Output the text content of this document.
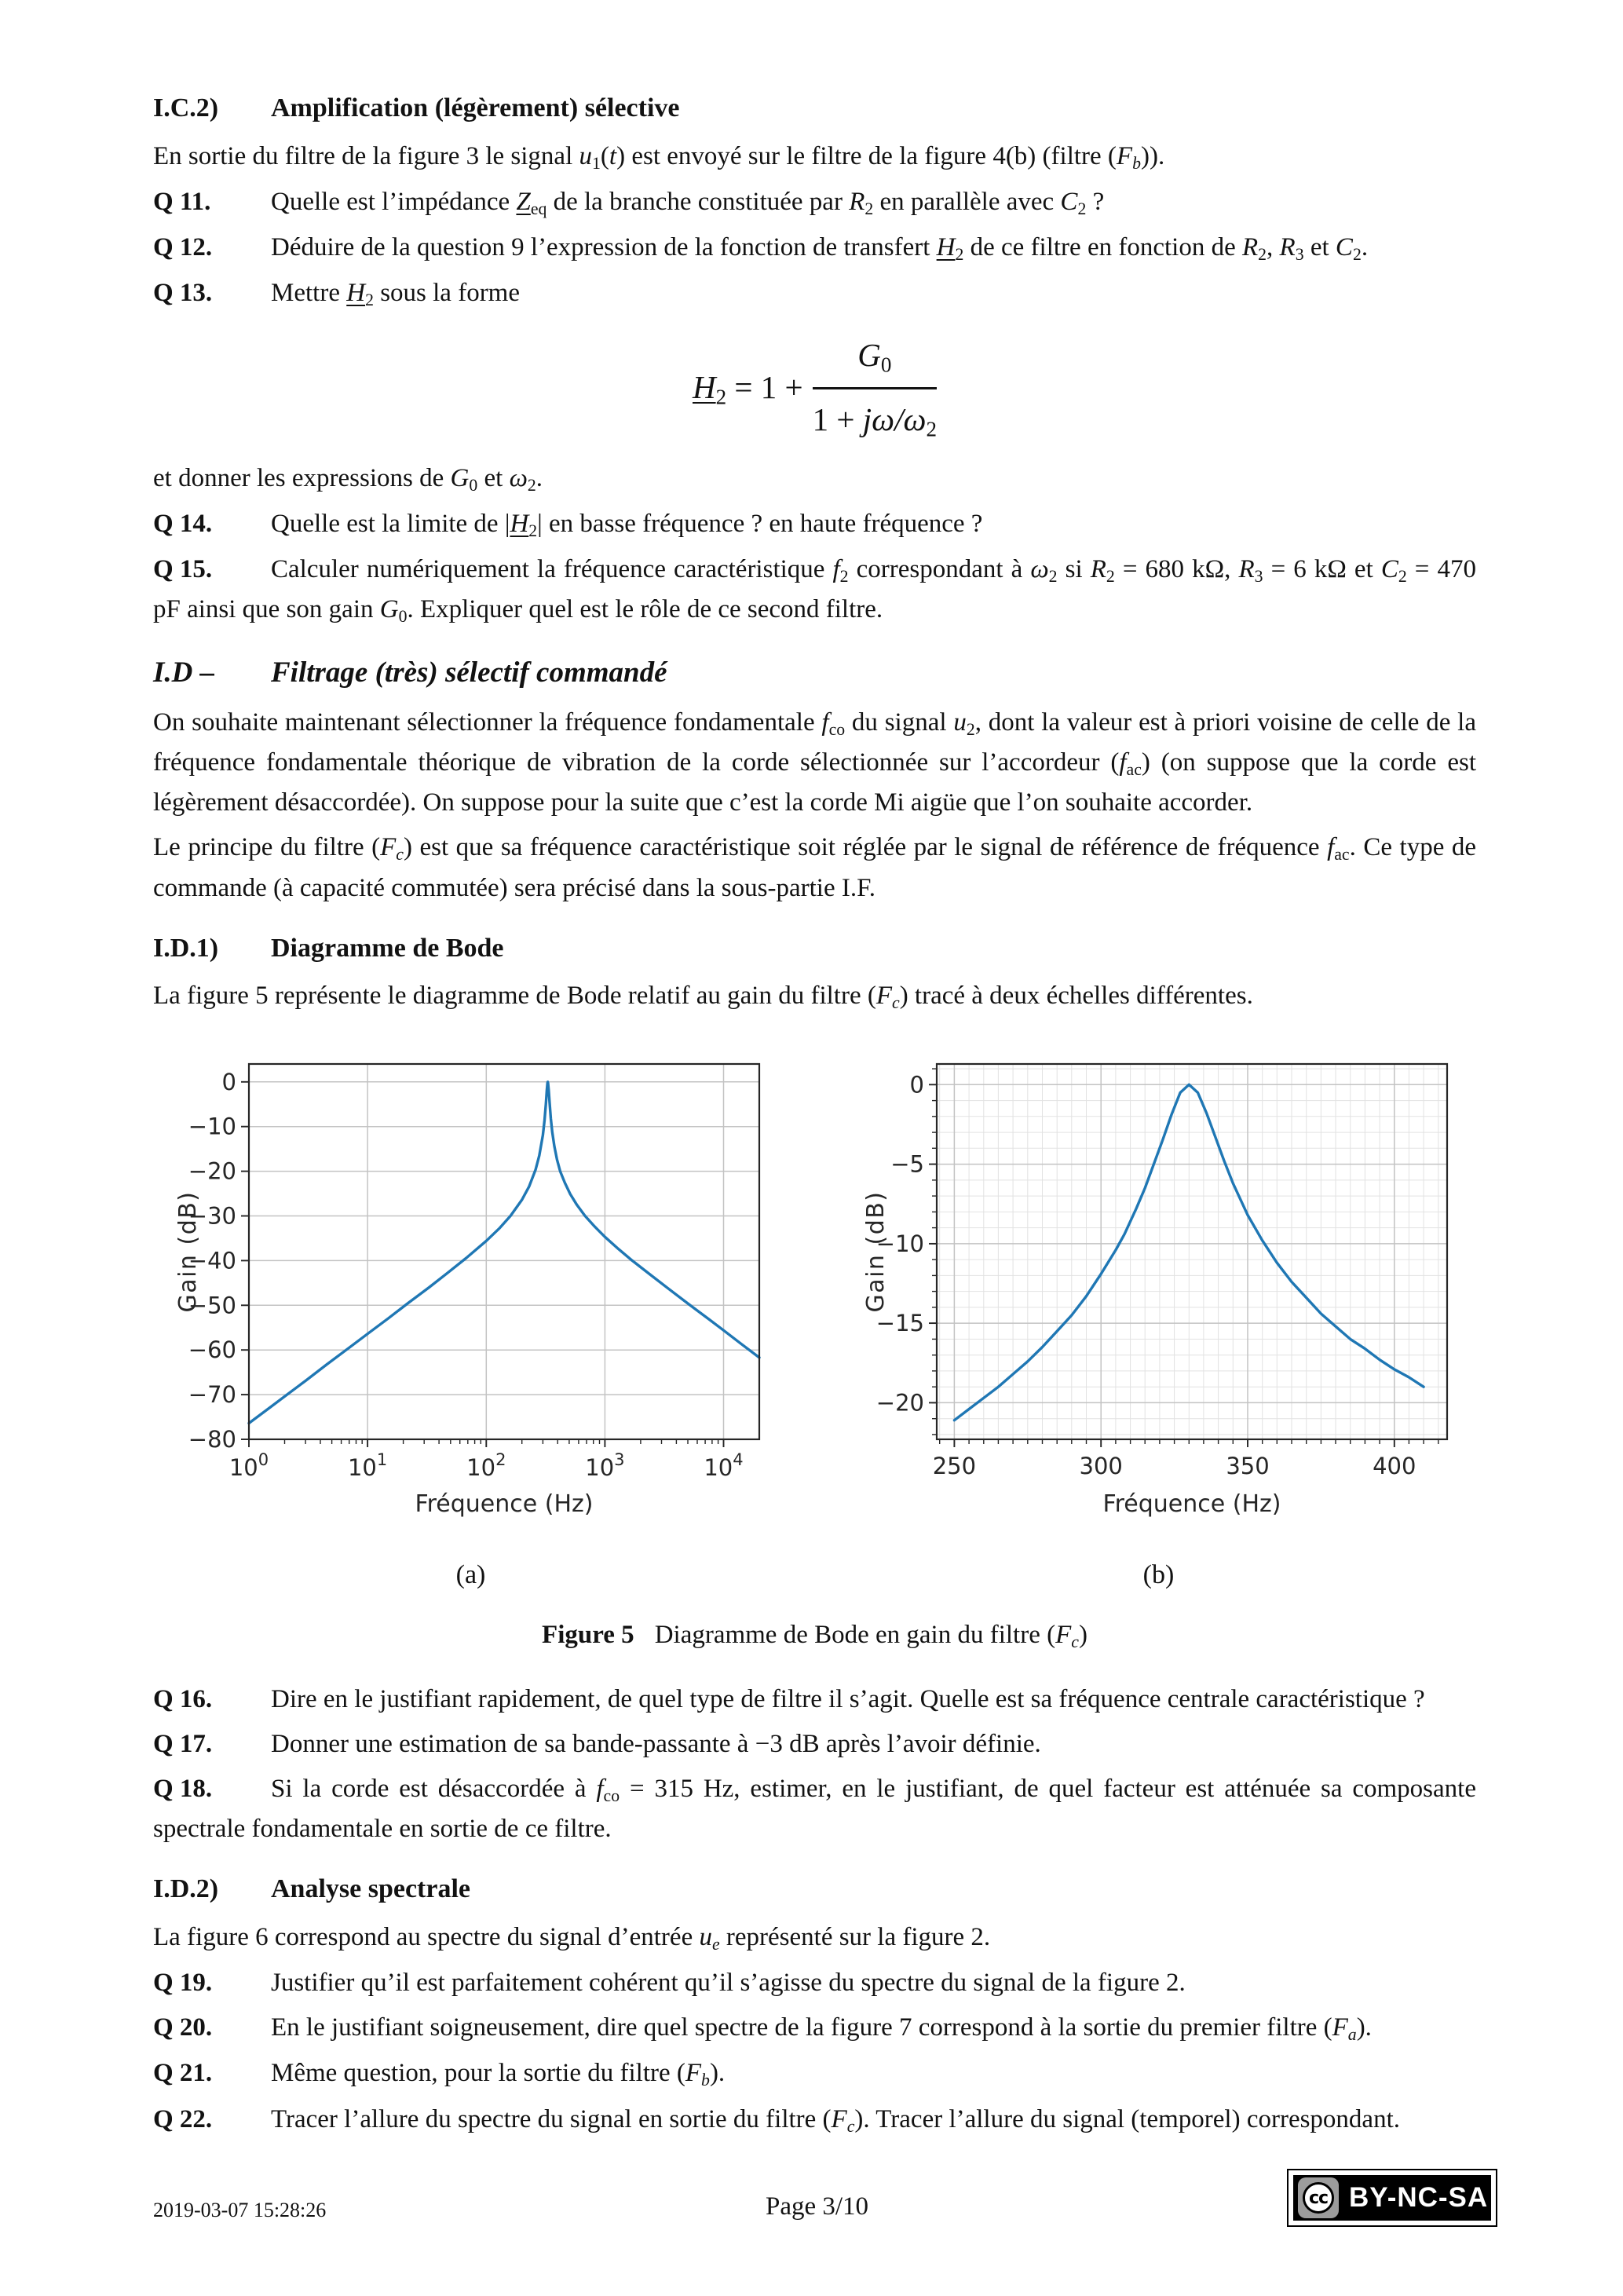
I.C.2) Amplification (légèrement) sélective

En sortie du filtre de la figure 3 le signal $u_1(t)$ est envoyé sur le filtre de la figure 4(b) (filtre $(F_b)$).

Q 11. Quelle est l’impédance $Z_{eq}$ de la branche constituée par $R_2$ en parallèle avec $C_2$ ?
Q 12. Déduire de la question 9 l’expression de la fonction de transfert $H_2$ de ce filtre en fonction de $R_2$, $R_3$ et $C_2$.
Q 13. Mettre $H_2$ sous la forme
$H_2 = 1 + \frac{G_0}{1 + j\omega/\omega_2}$

et donner les expressions de $G_0$ et $\omega_2$.

Q 14. Quelle est la limite de $|H_2|$ en basse fréquence ? en haute fréquence ?
Q 15. Calculer numériquement la fréquence caractéristique $f_2$ correspondant à $\omega_2$ si $R_2 = 680$ kΩ, $R_3 = 6$ kΩ et $C_2 = 470$ pF ainsi que son gain $G_0$. Expliquer quel est le rôle de ce second filtre.
I.D – Filtrage (très) sélectif commandé

On souhaite maintenant sélectionner la fréquence fondamentale $f_{co}$ du signal $u_2$, dont la valeur est à priori voisine de celle de la fréquence fondamentale théorique de vibration de la corde sélectionnée sur l’accordeur $(f_{ac})$ (on suppose que la corde est légèrement désaccordée). On suppose pour la suite que c’est la corde Mi aigüe que l’on souhaite accorder.

Le principe du filtre $(F_c)$ est que sa fréquence caractéristique soit réglée par le signal de référence de fréquence $f_{ac}$. Ce type de commande (à capacité commutée) sera précisé dans la sous-partie I.F.

I.D.1) Diagramme de Bode

La figure 5 représente le diagramme de Bode relatif au gain du filtre $(F_c)$ tracé à deux échelles différentes.

$10^0$	$10^1$	$10^2$	$10^3$	$10^4$
0
−10
−20
−30
−40
−50
−60
−70
−80
Fréquence (Hz)
Gain (dB)
(a)
250	300	350	400
0
−5
−10
−15
−20
Fréquence (Hz)
Gain (dB)
(b)
Figure 5 Diagramme de Bode en gain du filtre $(F_c)$
Q 16. Dire en le justifiant rapidement, de quel type de filtre il s’agit. Quelle est sa fréquence centrale caractéristique ?
Q 17. Donner une estimation de sa bande-passante à −3 dB après l’avoir définie.
Q 18. Si la corde est désaccordée à $f_{co} = 315$ Hz, estimer, en le justifiant, de quel facteur est atténuée sa composante spectrale fondamentale en sortie de ce filtre.
I.D.2) Analyse spectrale

La figure 6 correspond au spectre du signal d’entrée $u_e$ représenté sur la figure 2.

Q 19. Justifier qu’il est parfaitement cohérent qu’il s’agisse du spectre du signal de la figure 2.
Q 20. En le justifiant soigneusement, dire quel spectre de la figure 7 correspond à la sortie du premier filtre $(F_a)$.
Q 21. Même question, pour la sortie du filtre $(F_b)$.
Q 22. Tracer l’allure du spectre du signal en sortie du filtre $(F_c)$. Tracer l’allure du signal (temporel) correspondant.
2019-03-07 15:28:26	Page 3/10	cc BY-NC-SA
